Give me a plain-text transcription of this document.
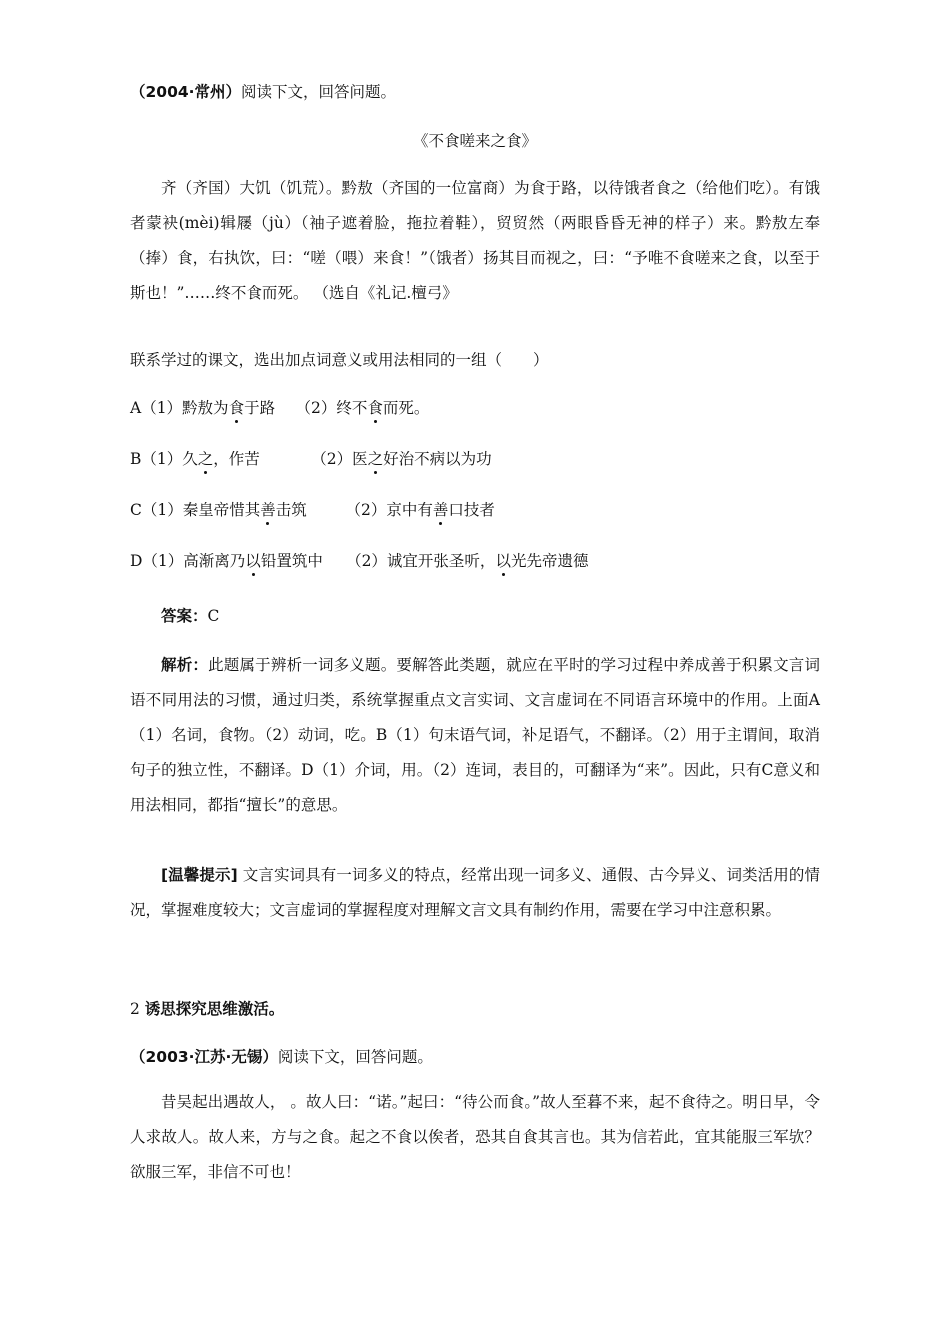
（2004·常州）阅读下文，回答问题。
《不食嗟来之食》
齐（齐国）大饥（饥荒）。黔敖（齐国的一位富商）为食于路，以待饿者食之（给他们吃）。有饿者蒙袂(mèi)辑屦（jù）（袖子遮着脸，拖拉着鞋），贸贸然（两眼昏昏无神的样子）来。黔敖左奉（捧）食，右执饮，曰：“嗟（喂）来食！”（饿者）扬其目而视之，曰：“予唯不食嗟来之食，以至于斯也！”……终不食而死。 （选自《礼记.檀弓》
联系学过的课文，选出加点词意义或用法相同的一组（　　）
A（1）黔敖为食于路　 （2）终不食而死。
B（1）久之，作苦　　　 （2）医之好治不病以为功
C（1）秦皇帝惜其善击筑　　　（2）京中有善口技者
D（1）高渐离乃以铅置筑中　　（2）诚宜开张圣听，以光先帝遗德
答案：C
解析：此题属于辨析一词多义题。要解答此类题，就应在平时的学习过程中养成善于积累文言词语不同用法的习惯，通过归类，系统掌握重点文言实词、文言虚词在不同语言环境中的作用。上面A（1）名词，食物。（2）动词，吃。B（1）句末语气词，补足语气，不翻译。（2）用于主谓间，取消句子的独立性，不翻译。D（1）介词，用。（2）连词，表目的，可翻译为“来”。因此，只有C意义和用法相同，都指“擅长”的意思。
[温馨提示] 文言实词具有一词多义的特点，经常出现一词多义、通假、古今异义、词类活用的情况，掌握难度较大；文言虚词的掌握程度对理解文言文具有制约作用，需要在学习中注意积累。
2 诱思探究思维激活。
（2003·江苏·无锡）阅读下文，回答问题。
昔吴起出遇故人， 。故人曰：“诺。”起曰：“待公而食。”故人至暮不来，起不食待之。明日早，令人求故人。故人来，方与之食。起之不食以俟者，恐其自食其言也。其为信若此，宜其能服三军欤？欲服三军，非信不可也！
